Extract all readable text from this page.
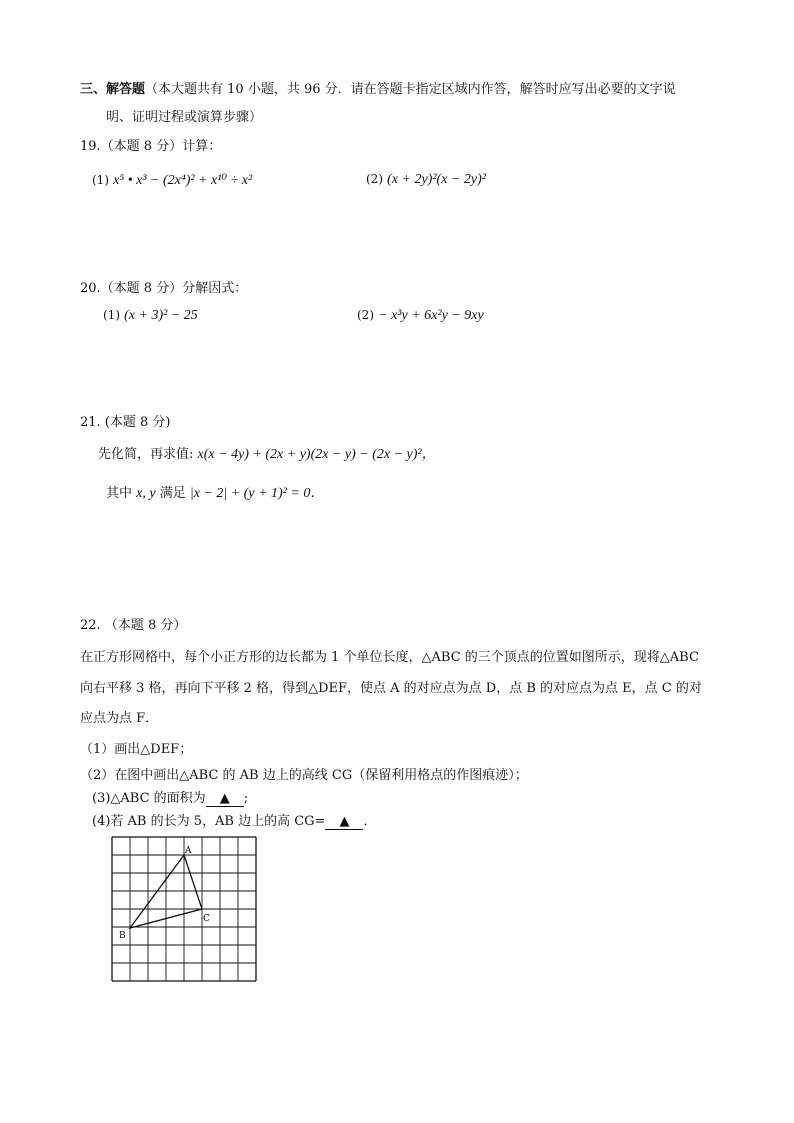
三、解答题（本大题共有 10 小题，共 96 分．请在答题卡指定区域内作答，解答时应写出必要的文字说
明、证明过程或演算步骤）
19.（本题 8 分）计算：
(1) x⁵ • x³ − (2x⁴)² + x¹⁰ ÷ x²	(2) (x + 2y)²(x − 2y)²
20.（本题 8 分）分解因式：
(1) (x + 3)² − 25	(2) − x³y + 6x²y − 9xy
21. (本题 8 分)
先化简，再求值: x(x − 4y) + (2x + y)(2x − y) − (2x − y)²，
其中 x, y 满足 |x − 2| + (y + 1)² = 0．
22. （本题 8 分）
在正方形网格中，每个小正方形的边长都为 1 个单位长度，△ABC 的三个顶点的位置如图所示，现将△ABC
向右平移 3 格，再向下平移 2 格，得到△DEF，使点 A 的对应点为点 D，点 B 的对应点为点 E，点 C 的对
应点为点 F．
（1）画出△DEF；
（2）在图中画出△ABC 的 AB 边上的高线 CG（保留利用格点的作图痕迹）；
(3)△ABC 的面积为 ▲ ;
(4)若 AB 的长为 5，AB 边上的高 CG= ▲ ．
A
B
C
